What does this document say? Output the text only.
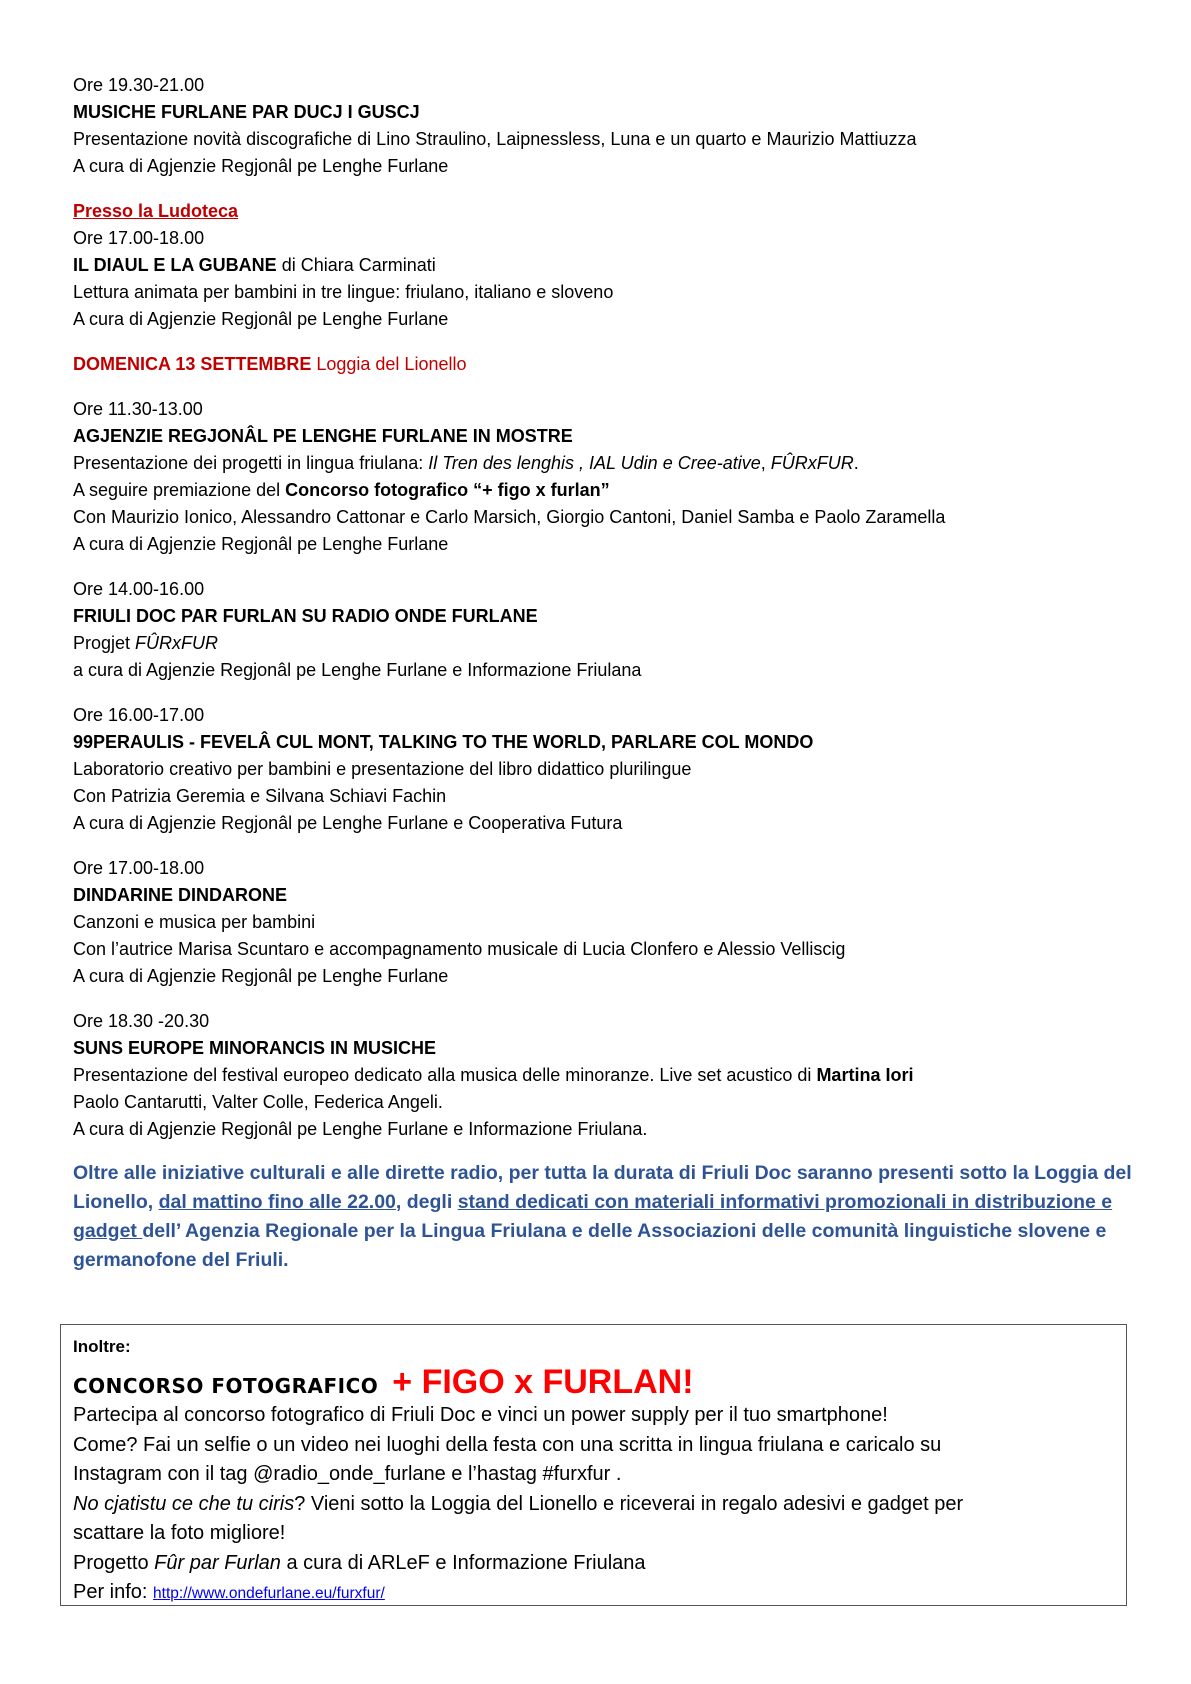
Ore 19.30-21.00
MUSICHE FURLANE PAR DUCJ I GUSCJ
Presentazione novità discografiche di Lino Straulino, Laipnessless, Luna e un quarto e Maurizio Mattiuzza
A cura di Agjenzie Regjonâl pe Lenghe Furlane
Presso la Ludoteca
Ore 17.00-18.00
IL DIAUL E LA GUBANE di Chiara Carminati
Lettura animata per bambini in tre lingue: friulano, italiano e sloveno
A cura di Agjenzie Regjonâl pe Lenghe Furlane
DOMENICA 13 SETTEMBRE Loggia del Lionello
Ore 11.30-13.00
AGJENZIE REGJONÂL PE LENGHE FURLANE IN MOSTRE
Presentazione dei progetti in lingua friulana: Il Tren des lenghis , IAL Udin e Cree-ative, FÛRxFUR.
A seguire premiazione del Concorso fotografico “+ figo x furlan”
Con Maurizio Ionico, Alessandro Cattonar e Carlo Marsich, Giorgio Cantoni, Daniel Samba e Paolo Zaramella
A cura di Agjenzie Regjonâl pe Lenghe Furlane
Ore 14.00-16.00
FRIULI DOC PAR FURLAN SU RADIO ONDE FURLANE
Progjet FÛRxFUR
a cura di Agjenzie Regjonâl pe Lenghe Furlane e Informazione Friulana
Ore 16.00-17.00
99PERAULIS - FEVELÂ CUL MONT, TALKING TO THE WORLD, PARLARE COL MONDO
Laboratorio creativo per bambini e presentazione del libro didattico plurilingue
Con Patrizia Geremia e Silvana Schiavi Fachin
A cura di Agjenzie Regjonâl pe Lenghe Furlane e Cooperativa Futura
Ore 17.00-18.00
DINDARINE DINDARONE
Canzoni e musica per bambini
Con l’autrice Marisa Scuntaro e accompagnamento musicale di Lucia Clonfero e Alessio Velliscig
A cura di Agjenzie Regjonâl pe Lenghe Furlane
Ore 18.30 -20.30
SUNS EUROPE MINORANCIS IN MUSICHE
Presentazione del festival europeo dedicato alla musica delle minoranze. Live set acustico di Martina Iori
Paolo Cantarutti, Valter Colle, Federica Angeli.
A cura di Agjenzie Regjonâl pe Lenghe Furlane e Informazione Friulana.
Oltre alle iniziative culturali e alle dirette radio, per tutta la durata di Friuli Doc saranno presenti sotto la Loggia del Lionello, dal mattino fino alle 22.00, degli stand dedicati con materiali informativi promozionali in distribuzione e gadget dell’ Agenzia Regionale per la Lingua Friulana e delle Associazioni delle comunità linguistiche slovene e germanofone del Friuli.
Inoltre:
CONCORSO FOTOGRAFICO + FIGO x FURLAN!
Partecipa al concorso fotografico di Friuli Doc e vinci un power supply per il tuo smartphone!
Come? Fai un selfie o un video nei luoghi della festa con una scritta in lingua friulana e caricalo su
Instagram con il tag @radio_onde_furlane e l’hastag #furxfur .
No cjatistu ce che tu ciris? Vieni sotto la Loggia del Lionello e riceverai in regalo adesivi e gadget per
scattare la foto migliore!
Progetto Fûr par Furlan a cura di ARLeF e Informazione Friulana
Per info: http://www.ondefurlane.eu/furxfur/
